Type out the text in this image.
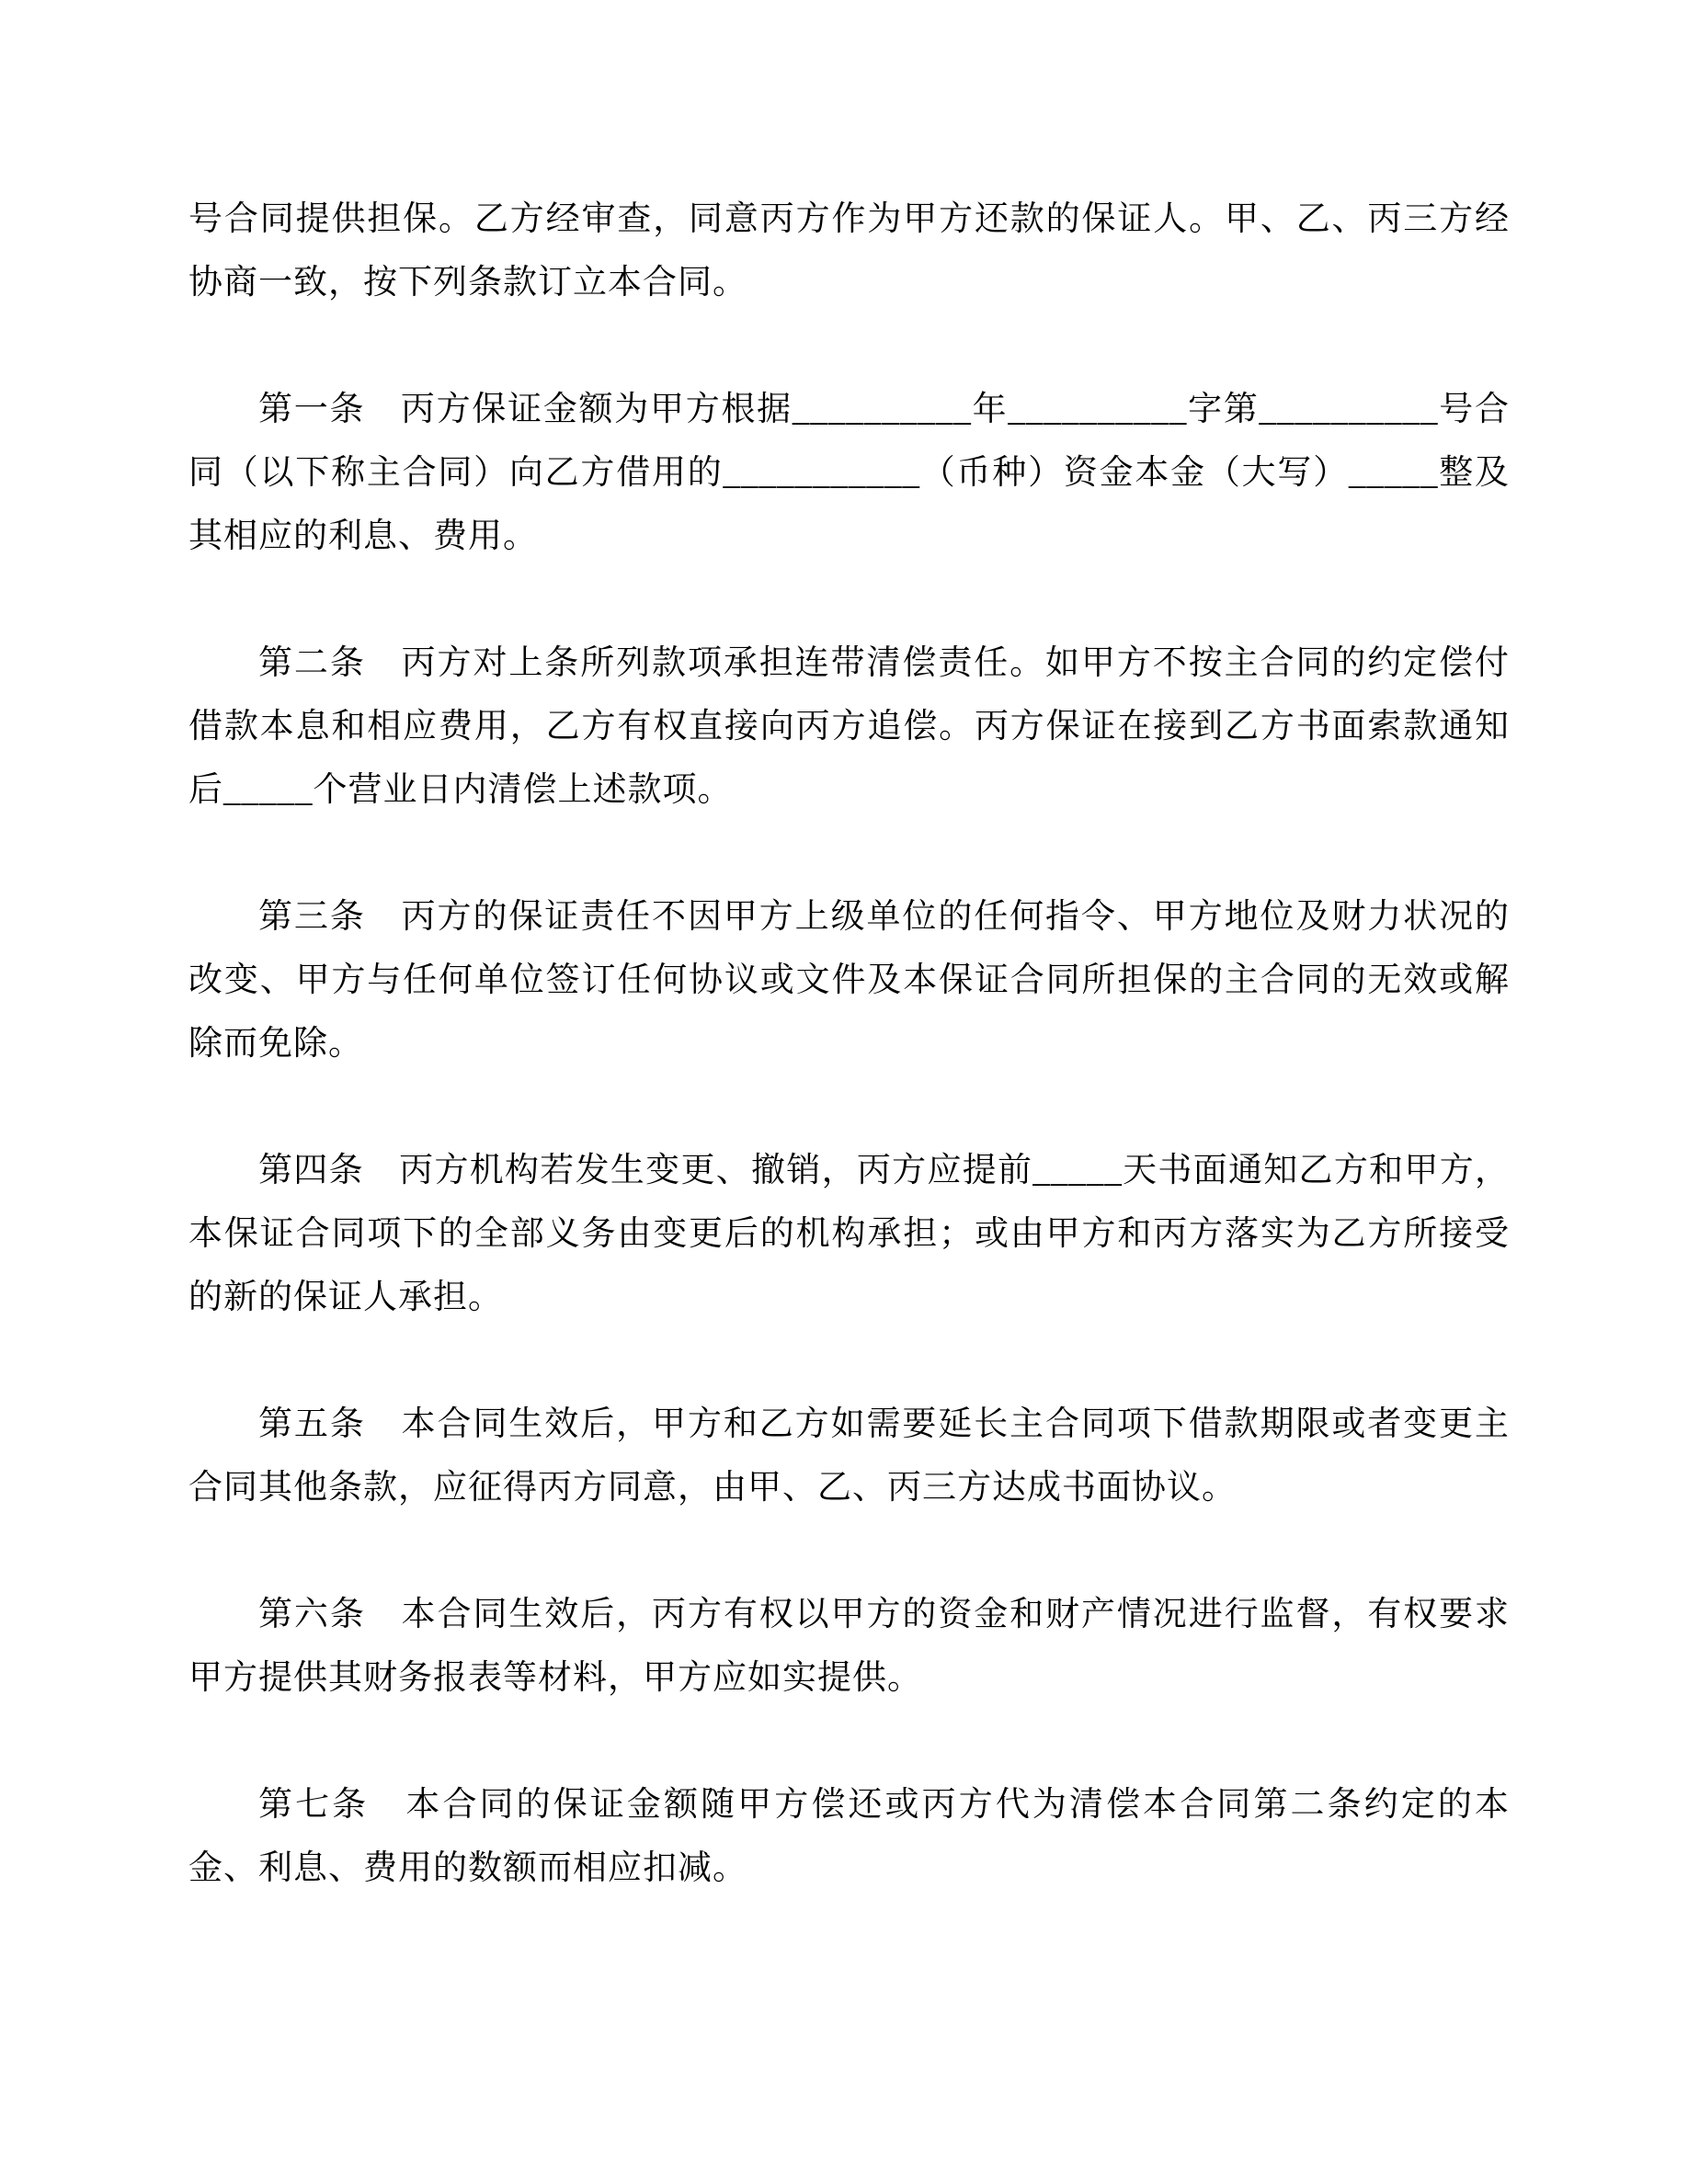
号合同提供担保。乙方经审查，同意丙方作为甲方还款的保证人。甲、乙、丙三方经协商一致，按下列条款订立本合同。

第一条　丙方保证金额为甲方根据__________年__________字第__________号合同（以下称主合同）向乙方借用的___________（币种）资金本金（大写）_____整及其相应的利息、费用。

第二条　丙方对上条所列款项承担连带清偿责任。如甲方不按主合同的约定偿付借款本息和相应费用，乙方有权直接向丙方追偿。丙方保证在接到乙方书面索款通知后_____个营业日内清偿上述款项。

第三条　丙方的保证责任不因甲方上级单位的任何指令、甲方地位及财力状况的改变、甲方与任何单位签订任何协议或文件及本保证合同所担保的主合同的无效或解除而免除。

第四条　丙方机构若发生变更、撤销，丙方应提前_____天书面通知乙方和甲方，本保证合同项下的全部义务由变更后的机构承担；或由甲方和丙方落实为乙方所接受的新的保证人承担。

第五条　本合同生效后，甲方和乙方如需要延长主合同项下借款期限或者变更主合同其他条款，应征得丙方同意，由甲、乙、丙三方达成书面协议。

第六条　本合同生效后，丙方有权以甲方的资金和财产情况进行监督，有权要求甲方提供其财务报表等材料，甲方应如实提供。

第七条　本合同的保证金额随甲方偿还或丙方代为清偿本合同第二条约定的本金、利息、费用的数额而相应扣减。
